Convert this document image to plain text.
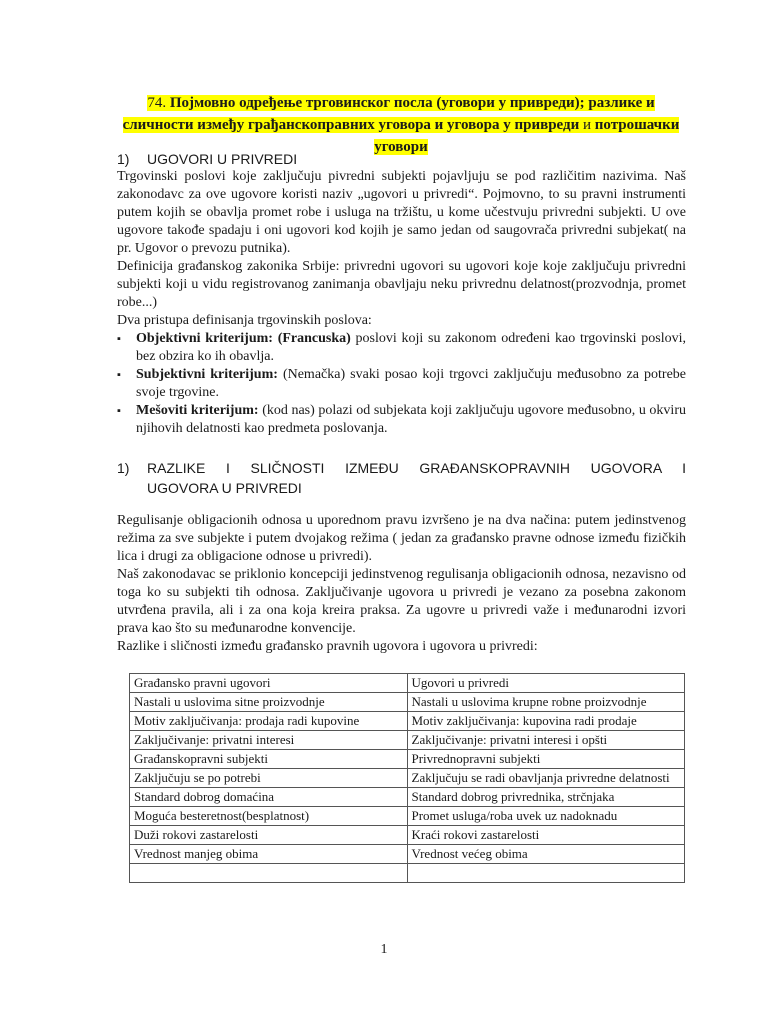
74. Појмовно одређење трговинског посла (уговори у привреди); разлике и сличности између грађанскоправних уговора и уговора у привреди и потрошачки уговори
1) UGOVORI U PRIVREDI

Trgovinski poslovi koje zaključuju pivredni subjekti pojavljuju se pod različitim nazivima. Naš zakonodavc za ove ugovore koristi naziv „ugovori u privredi“. Pojmovno, to su pravni instrumenti putem kojih se obavlja promet robe i usluga na tržištu, u kome učestvuju privredni subjekti. U ove ugovore takođe spadaju i oni ugovori kod kojih je samo jedan od saugovrača privredni subjekat( na pr. Ugovor o prevozu putnika).

Definicija građanskog zakonika Srbije: privredni ugovori su ugovori koje koje zaključuju privredni subjekti koji u vidu registrovanog zanimanja obavljaju neku privrednu delatnost(prozvodnja, promet robe...)

Dva pristupa definisanja trgovinskih poslova:

▪ Objektivni kriterijum: (Francuska) poslovi koji su zakonom određeni kao trgovinski poslovi, bez obzira ko ih obavlja.
▪ Subjektivni kriterijum: (Nemačka) svaki posao koji trgovci zaključuju međusobno za potrebe svoje trgovine.
▪ Mešoviti kriterijum: (kod nas) polazi od subjekata koji zaključuju ugovore međusobno, u okviru njihovih delatnosti kao predmeta poslovanja.
1) RAZLIKE I SLIČNOSTI IZMEĐU GRAĐANSKOPRAVNIH UGOVORA I
UGOVORA U PRIVREDI

Regulisanje obligacionih odnosa u uporednom pravu izvršeno je na dva načina: putem jedinstvenog režima za sve subjekte i putem dvojakog režima ( jedan za građansko pravne odnose između fizičkih lica i drugi za obligacione odnose u privredi).

Naš zakonodavac se priklonio koncepciji jedinstvenog regulisanja obligacionih odnosa, nezavisno od toga ko su subjekti tih odnosa. Zaključivanje ugovora u privredi je vezano za posebna zakonom utvrđena pravila, ali i za ona koja kreira praksa. Za ugovre u privredi važe i međunarodni izvori prava kao što su međunarodne konvencije.

Razlike i sličnosti između građansko pravnih ugovora i ugovora u privredi:

Građansko pravni ugovori	Ugovori u privredi
Nastali u uslovima sitne proizvodnje	Nastali u uslovima krupne robne proizvodnje
Motiv zaključivanja: prodaja radi kupovine	Motiv zaključivanja: kupovina radi prodaje
Zaključivanje: privatni interesi	Zaključivanje: privatni interesi i opšti
Građanskopravni subjekti	Privrednopravni subjekti
Zaključuju se po potrebi	Zaključuju se radi obavljanja privredne delatnosti
Standard dobrog domaćina	Standard dobrog privrednika, strčnjaka
Moguća besteretnost(besplatnost)	Promet usluga/roba uvek uz nadoknadu
Duži rokovi zastarelosti	Kraći rokovi zastarelosti
Vrednost manjeg obima	Vrednost većeg obima

1
